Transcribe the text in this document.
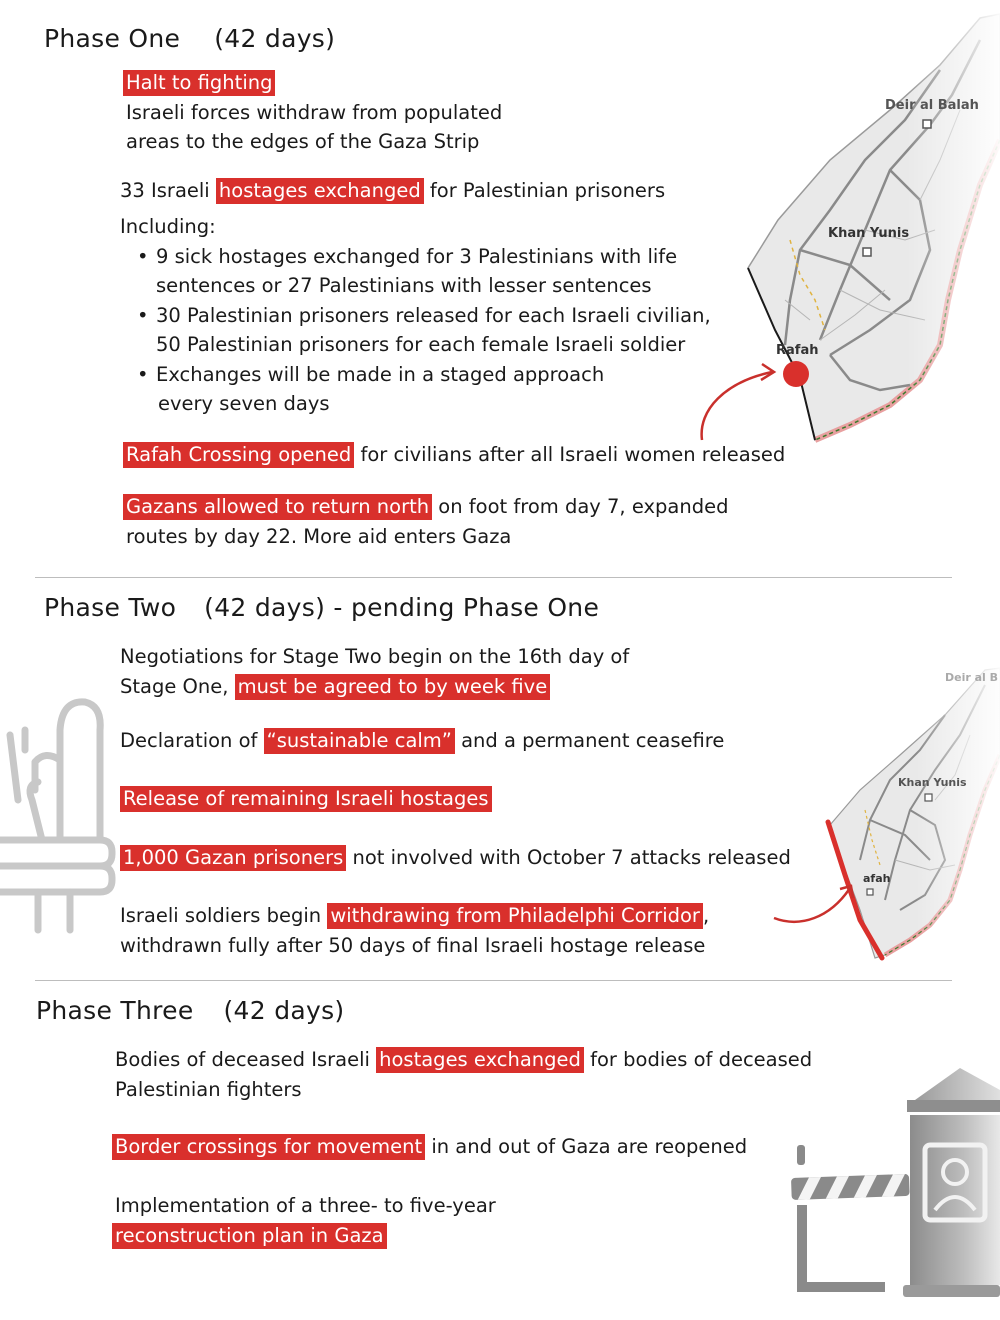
Phase One (42 days)
Deir al Balah
Khan Yunis
Rafah
Halt to fighting
Israeli forces withdraw from populated
areas to the edges of the Gaza Strip
33 Israeli hostages exchanged for Palestinian prisoners
Including:
• 9 sick hostages exchanged for 3 Palestinians with life
sentences or 27 Palestinians with lesser sentences
• 30 Palestinian prisoners released for each Israeli civilian,
50 Palestinian prisoners for each female Israeli soldier
• Exchanges will be made in a staged approach
every seven days
Rafah Crossing opened for civilians after all Israeli women released
Gazans allowed to return north on foot from day 7, expanded
routes by day 22. More aid enters Gaza
Phase Two (42 days) - pending Phase One
Deir al B
Khan Yunis
afah
Negotiations for Stage Two begin on the 16th day of
Stage One, must be agreed to by week five
Declaration of “sustainable calm” and a permanent ceasefire
Release of remaining Israeli hostages
1,000 Gazan prisoners not involved with October 7 attacks released
Israeli soldiers begin withdrawing from Philadelphi Corridor ,
withdrawn fully after 50 days of final Israeli hostage release
Phase Three (42 days)
Bodies of deceased Israeli hostages exchanged for bodies of deceased
Palestinian fighters
Border crossings for movement in and out of Gaza are reopened
Implementation of a three- to five-year
reconstruction plan in Gaza
